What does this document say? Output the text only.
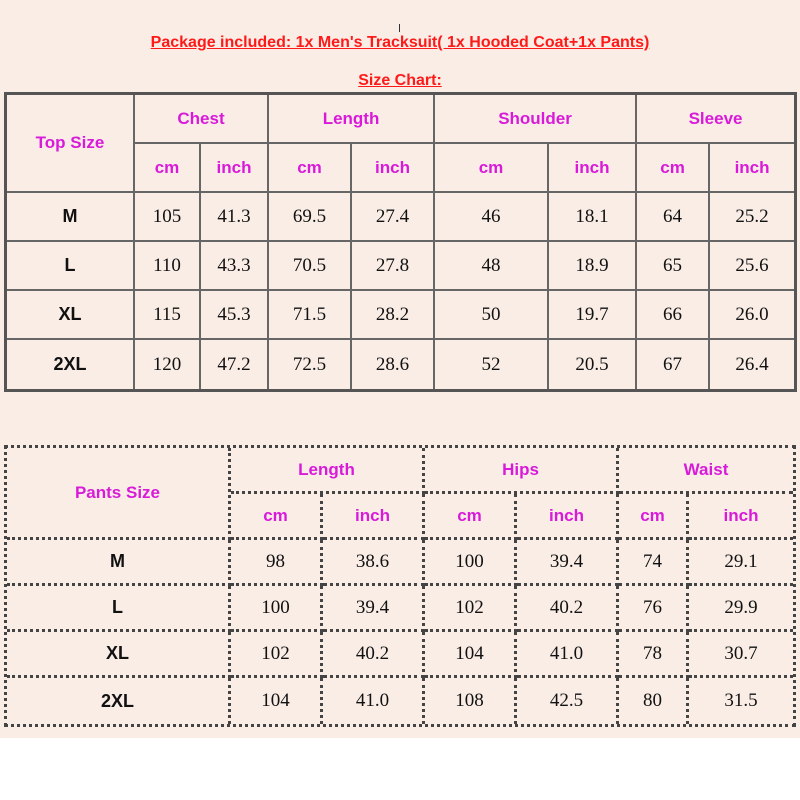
Package included: 1x Men's Tracksuit( 1x Hooded Coat+1x Pants)
Size Chart:
Top Size	Chest		Length		Shoulder		Sleeve	
	cm	inch	cm	inch	cm	inch	cm	inch
M	105	41.3	69.5	27.4	46	18.1	64	25.2
L	110	43.3	70.5	27.8	48	18.9	65	25.6
XL	115	45.3	71.5	28.2	50	19.7	66	26.0
2XL	120	47.2	72.5	28.6	52	20.5	67	26.4
Pants Size	Length		Hips		Waist	
	cm	inch	cm	inch	cm	inch
M	98	38.6	100	39.4	74	29.1
L	100	39.4	102	40.2	76	29.9
XL	102	40.2	104	41.0	78	30.7
2XL	104	41.0	108	42.5	80	31.5
